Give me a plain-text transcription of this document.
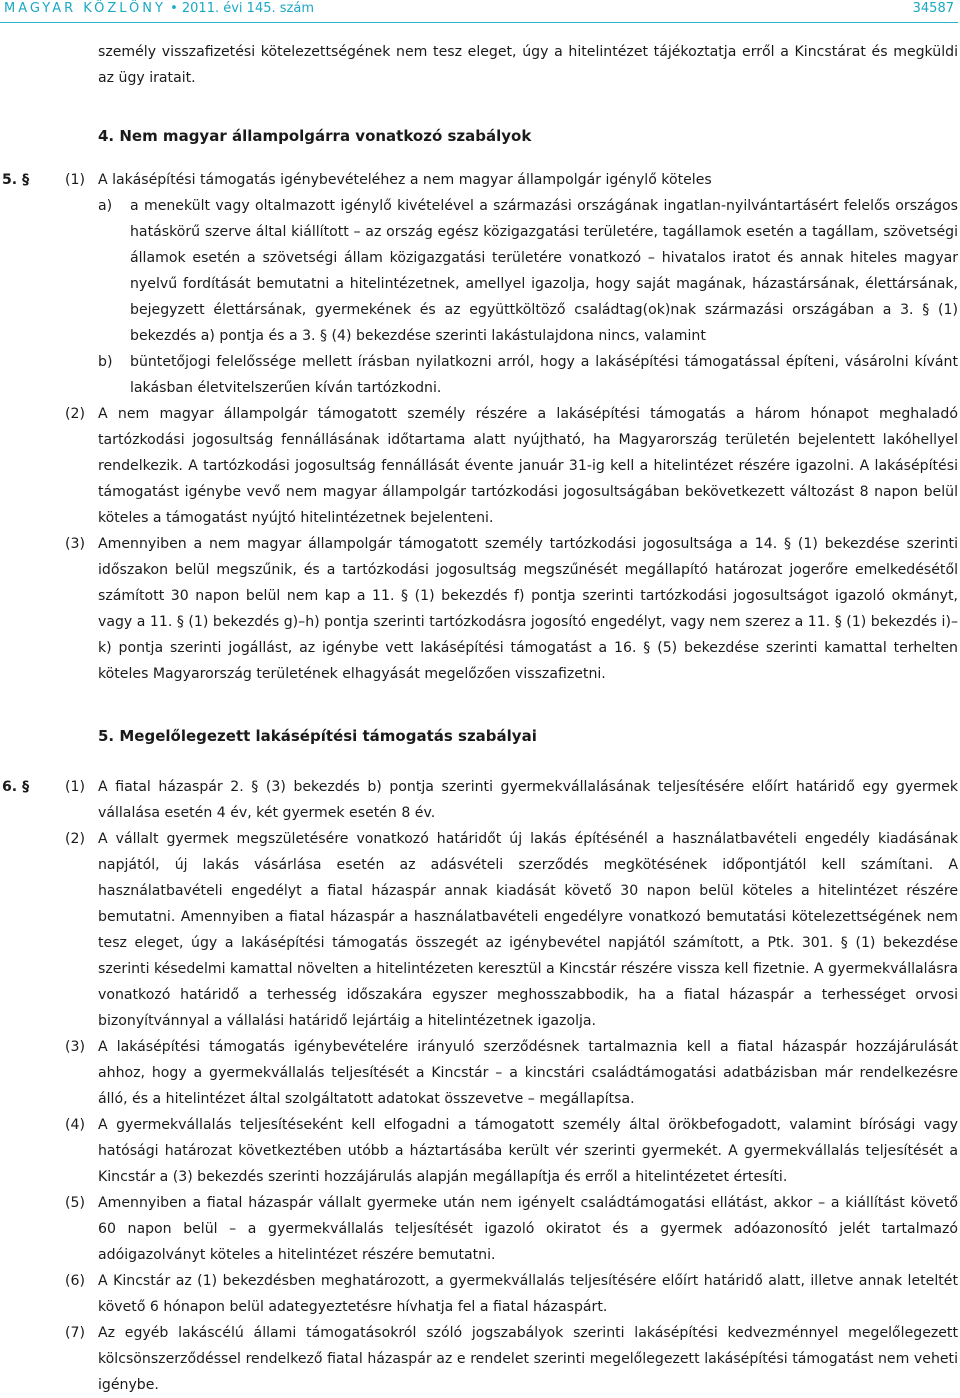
MAGYAR KÖZLÖNY • 2011. évi 145. szám	34587

személy visszafizetési kötelezettségének nem tesz eleget, úgy a hitelintézet tájékoztatja erről a Kincstárat és megküldi az ügy iratait.

4. Nem magyar állampolgárra vonatkozó szabályok

5. §	(1) A lakásépítési támogatás igénybevételéhez a nem magyar állampolgár igénylő köteles

a) a menekült vagy oltalmazott igénylő kivételével a származási országának ingatlan-nyilvántartásért felelős országos hatáskörű szerve által kiállított – az ország egész közigazgatási területére, tagállamok esetén a tagállam, szövetségi államok esetén a szövetségi állam közigazgatási területére vonatkozó – hivatalos iratot és annak hiteles magyar nyelvű fordítását bemutatni a hitelintézetnek, amellyel igazolja, hogy saját magának, házastársának, élettársának, bejegyzett élettársának, gyermekének és az együttköltöző családtag(ok)nak származási országában a 3. § (1) bekezdés a) pontja és a 3. § (4) bekezdése szerinti lakástulajdona nincs, valamint

b) büntetőjogi felelőssége mellett írásban nyilatkozni arról, hogy a lakásépítési támogatással építeni, vásárolni kívánt lakásban életvitelszerűen kíván tartózkodni.

(2) A nem magyar állampolgár támogatott személy részére a lakásépítési támogatás a három hónapot meghaladó tartózkodási jogosultság fennállásának időtartama alatt nyújtható, ha Magyarország területén bejelentett lakóhellyel rendelkezik. A tartózkodási jogosultság fennállását évente január 31-ig kell a hitelintézet részére igazolni. A lakásépítési támogatást igénybe vevő nem magyar állampolgár tartózkodási jogosultságában bekövetkezett változást 8 napon belül köteles a támogatást nyújtó hitelintézetnek bejelenteni.

(3) Amennyiben a nem magyar állampolgár támogatott személy tartózkodási jogosultsága a 14. § (1) bekezdése szerinti időszakon belül megszűnik, és a tartózkodási jogosultság megszűnését megállapító határozat jogerőre emelkedésétől számított 30 napon belül nem kap a 11. § (1) bekezdés f) pontja szerinti tartózkodási jogosultságot igazoló okmányt, vagy a 11. § (1) bekezdés g)–h) pontja szerinti tartózkodásra jogosító engedélyt, vagy nem szerez a 11. § (1) bekezdés i)–k) pontja szerinti jogállást, az igénybe vett lakásépítési támogatást a 16. § (5) bekezdése szerinti kamattal terhelten köteles Magyarország területének elhagyását megelőzően visszafizetni.

5. Megelőlegezett lakásépítési támogatás szabályai

6. §	(1) A fiatal házaspár 2. § (3) bekezdés b) pontja szerinti gyermekvállalásának teljesítésére előírt határidő egy gyermek vállalása esetén 4 év, két gyermek esetén 8 év.

(2) A vállalt gyermek megszületésére vonatkozó határidőt új lakás építésénél a használatbavételi engedély kiadásának napjától, új lakás vásárlása esetén az adásvételi szerződés megkötésének időpontjától kell számítani. A használatbavételi engedélyt a fiatal házaspár annak kiadását követő 30 napon belül köteles a hitelintézet részére bemutatni. Amennyiben a fiatal házaspár a használatbavételi engedélyre vonatkozó bemutatási kötelezettségének nem tesz eleget, úgy a lakásépítési támogatás összegét az igénybevétel napjától számított, a Ptk. 301. § (1) bekezdése szerinti késedelmi kamattal növelten a hitelintézeten keresztül a Kincstár részére vissza kell fizetnie. A gyermekvállalásra vonatkozó határidő a terhesség időszakára egyszer meghosszabbodik, ha a fiatal házaspár a terhességet orvosi bizonyítvánnyal a vállalási határidő lejártáig a hitelintézetnek igazolja.

(3) A lakásépítési támogatás igénybevételére irányuló szerződésnek tartalmaznia kell a fiatal házaspár hozzájárulását ahhoz, hogy a gyermekvállalás teljesítését a Kincstár – a kincstári családtámogatási adatbázisban már rendelkezésre álló, és a hitelintézet által szolgáltatott adatokat összevetve – megállapítsa.

(4) A gyermekvállalás teljesítéseként kell elfogadni a támogatott személy által örökbefogadott, valamint bírósági vagy hatósági határozat következtében utóbb a háztartásába került vér szerinti gyermekét. A gyermekvállalás teljesítését a Kincstár a (3) bekezdés szerinti hozzájárulás alapján megállapítja és erről a hitelintézetet értesíti.

(5) Amennyiben a fiatal házaspár vállalt gyermeke után nem igényelt családtámogatási ellátást, akkor – a kiállítást követő 60 napon belül – a gyermekvállalás teljesítését igazoló okiratot és a gyermek adóazonosító jelét tartalmazó adóigazolványt köteles a hitelintézet részére bemutatni.

(6) A Kincstár az (1) bekezdésben meghatározott, a gyermekvállalás teljesítésére előírt határidő alatt, illetve annak leteltét követő 6 hónapon belül adategyeztetésre hívhatja fel a fiatal házaspárt.

(7) Az egyéb lakáscélú állami támogatásokról szóló jogszabályok szerinti lakásépítési kedvezménnyel megelőlegezett kölcsönszerződéssel rendelkező fiatal házaspár az e rendelet szerinti megelőlegezett lakásépítési támogatást nem veheti igénybe.
